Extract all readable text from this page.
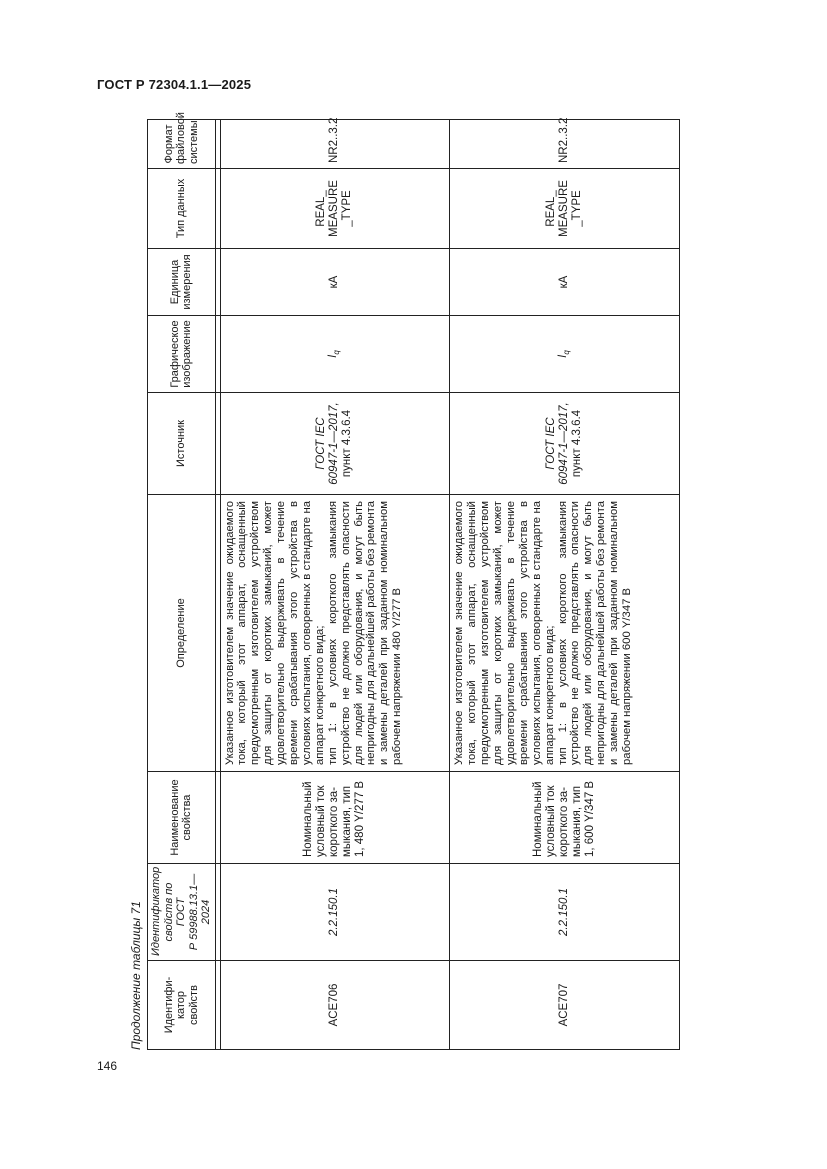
ГОСТ Р 72304.1.1—2025
Продолжение таблицы 71 Идентифи-
катор
свойств	Идентификатор
свойств по ГОСТ
Р 59988.13.1—
2024	Наименование
свойства	Определение	Источник	Графическое
изображение	Единица
измерения	Тип данных	Формат
файловой
системы

ACE706	2.2.150.1	Номинальный условный ток короткого за-мыкания, тип 1, 480 Y/277 В	Указанное изготовителем значение ожидаемого тока, который этот аппарат, оснащенный предусмотренным изготовителем устройством для защиты от коротких замыканий, может удовлетворительно выдерживать в течение времени срабатывания этого устройства в условиях испытания, оговоренных в стандарте на аппарат конкретного вида;
тип 1: в условиях короткого замыкания устройство не должно представлять опасности для людей или оборудования, и могут быть непригодны для дальнейшей работы без ремонта и замены деталей при заданном номинальном рабочем напряжении 480 Y/277 В	ГОСТ IEC 60947-1—2017, пункт 4.3.6.4	$I_q$	кА	REAL_ MEASURE _TYPE	NR2..3.2
ACE707	2.2.150.1	Номинальный условный ток короткого за-мыкания, тип 1, 600 Y/347 В	Указанное изготовителем значение ожидаемого тока, который этот аппарат, оснащенный предусмотренным изготовителем устройством для защиты от коротких замыканий, может удовлетворительно выдерживать в течение времени срабатывания этого устройства в условиях испытания, оговоренных в стандарте на аппарат конкретного вида;
тип 1: в условиях короткого замыкания устройство не должно представлять опасности для людей или оборудования, и могут быть непригодны для дальнейшей работы без ремонта и замены деталей при заданном номинальном рабочем напряжении 600 Y/347 В	ГОСТ IEC 60947-1—2017, пункт 4.3.6.4	$I_q$	кА	REAL_ MEASURE _TYPE	NR2..3.2
146
